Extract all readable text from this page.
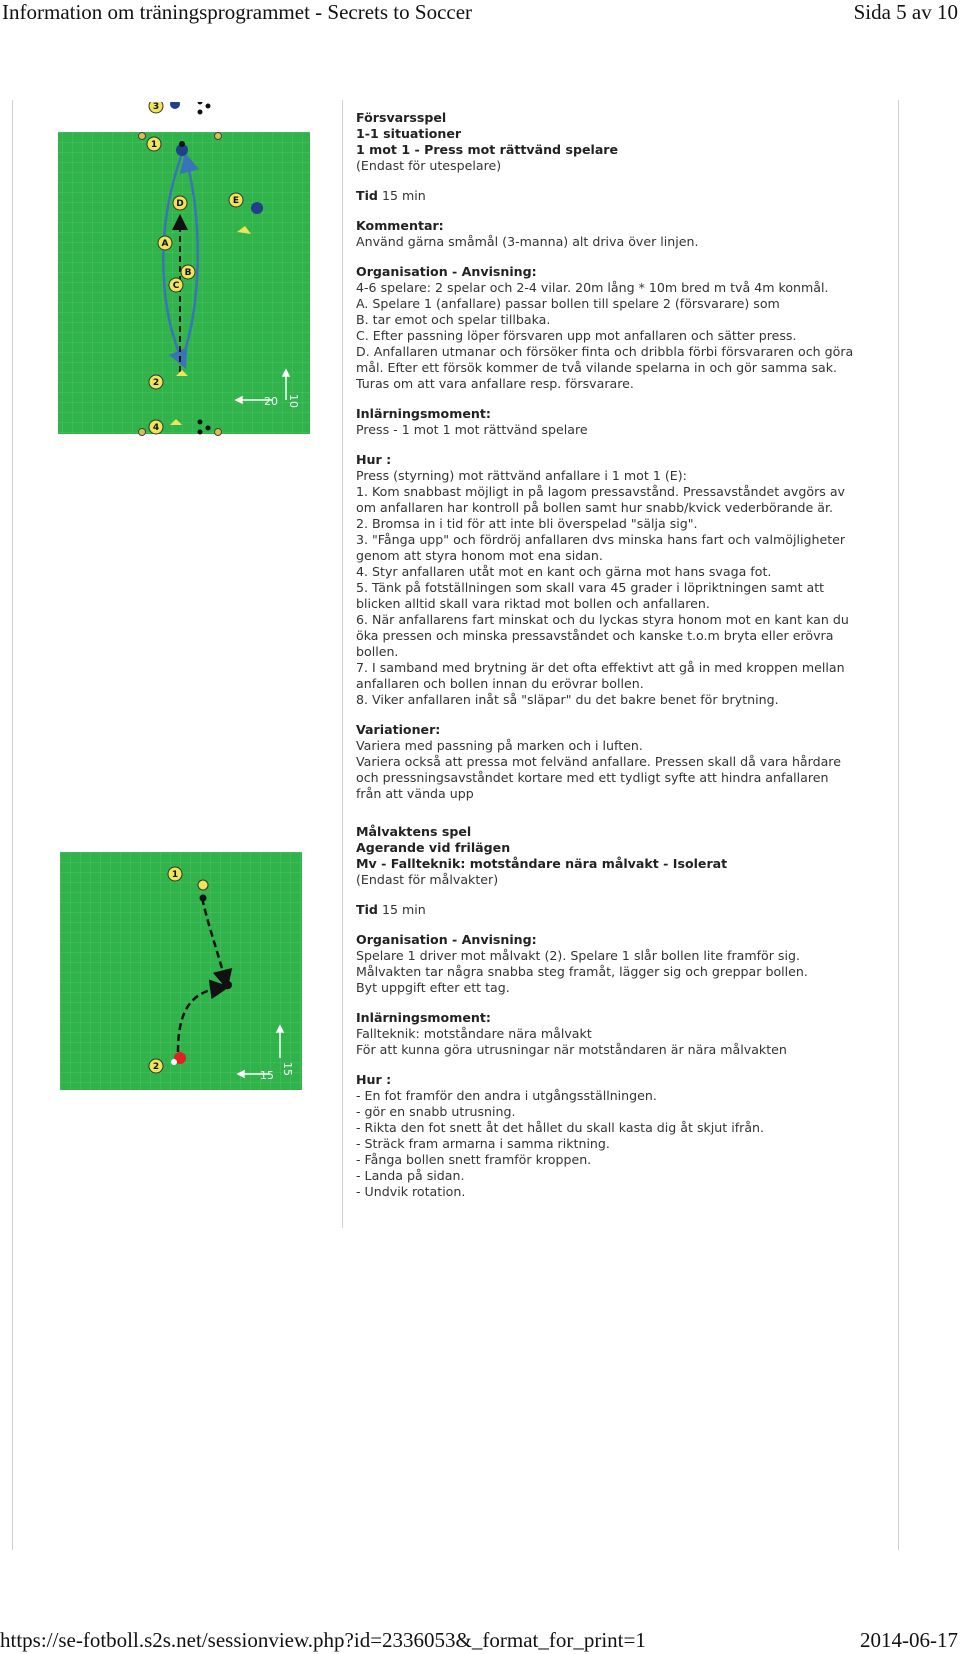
Information om träningsprogrammet - Secrets to Soccer	Sida 5 av 10
1
2
3
4
A
B
C
D	E
20 10
1
2
15 15

Försvarsspel

1-1 situationer

1 mot 1 - Press mot rättvänd spelare

(Endast för utespelare)

Tid 15 min

Kommentar:

Använd gärna småmål (3-manna) alt driva över linjen.

Organisation - Anvisning:

4-6 spelare: 2 spelar och 2-4 vilar. 20m lång * 10m bred m två 4m konmål.

A. Spelare 1 (anfallare) passar bollen till spelare 2 (försvarare) som

B. tar emot och spelar tillbaka.

C. Efter passning löper försvaren upp mot anfallaren och sätter press.

D. Anfallaren utmanar och försöker finta och dribbla förbi försvararen och göra

mål. Efter ett försök kommer de två vilande spelarna in och gör samma sak.

Turas om att vara anfallare resp. försvarare.

Inlärningsmoment:

Press - 1 mot 1 mot rättvänd spelare

Hur :

Press (styrning) mot rättvänd anfallare i 1 mot 1 (E):

1. Kom snabbast möjligt in på lagom pressavstånd. Pressavståndet avgörs av

om anfallaren har kontroll på bollen samt hur snabb/kvick vederbörande är.

2. Bromsa in i tid för att inte bli överspelad "sälja sig".

3. "Fånga upp" och fördröj anfallaren dvs minska hans fart och valmöjligheter

genom att styra honom mot ena sidan.

4. Styr anfallaren utåt mot en kant och gärna mot hans svaga fot.

5. Tänk på fotställningen som skall vara 45 grader i löpriktningen samt att

blicken alltid skall vara riktad mot bollen och anfallaren.

6. När anfallarens fart minskat och du lyckas styra honom mot en kant kan du

öka pressen och minska pressavståndet och kanske t.o.m bryta eller erövra

bollen.

7. I samband med brytning är det ofta effektivt att gå in med kroppen mellan

anfallaren och bollen innan du erövrar bollen.

8. Viker anfallaren inåt så "släpar" du det bakre benet för brytning.

Variationer:

Variera med passning på marken och i luften.

Variera också att pressa mot felvänd anfallare. Pressen skall då vara hårdare

och pressningsavståndet kortare med ett tydligt syfte att hindra anfallaren

från att vända upp

Målvaktens spel

Agerande vid frilägen

Mv - Fallteknik: motståndare nära målvakt - Isolerat

(Endast för målvakter)

Tid 15 min

Organisation - Anvisning:

Spelare 1 driver mot målvakt (2). Spelare 1 slår bollen lite framför sig.

Målvakten tar några snabba steg framåt, lägger sig och greppar bollen.

Byt uppgift efter ett tag.

Inlärningsmoment:

Fallteknik: motståndare nära målvakt

För att kunna göra utrusningar när motståndaren är nära målvakten

Hur :

- En fot framför den andra i utgångsställningen.

- gör en snabb utrusning.

- Rikta den fot snett åt det hållet du skall kasta dig åt skjut ifrån.

- Sträck fram armarna i samma riktning.

- Fånga bollen snett framför kroppen.

- Landa på sidan.

- Undvik rotation.

https://se-fotboll.s2s.net/sessionview.php?id=2336053&_format_for_print=1	2014-06-17
